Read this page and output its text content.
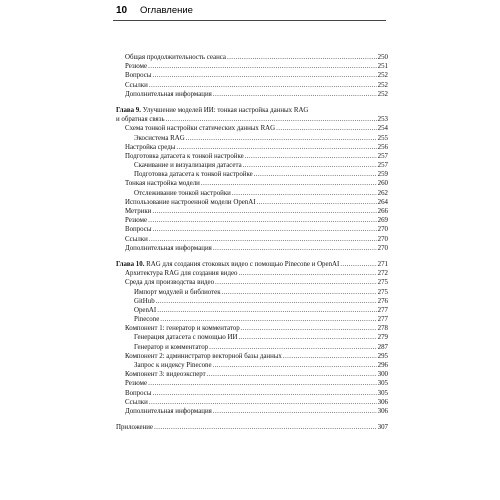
10 Оглавление
Общая продолжительность сеанса .....	250
Резюме .....	251
Вопросы .....	252
Ссылки .....	252
Дополнительная информация .....	252
Глава 9. Улучшение моделей ИИ: тонкая настройка данных RAG
и обратная связь .....	253
Схема тонкой настройки статических данных RAG .....	254
Экосистема RAG .....	255
Настройка среды .....	256
Подготовка датасета к тонкой настройке .....	257
Скачивание и визуализация датасета .....	257
Подготовка датасета к тонкой настройке .....	259
Тонкая настройка модели .....	260
Отслеживание тонкой настройки .....	262
Использование настроенной модели OpenAI .....	264
Метрики .....	266
Резюме .....	269
Вопросы .....	270
Ссылки .....	270
Дополнительная информация .....	270
Глава 10. RAG для создания стоковых видео с помощью Pinecone и OpenAI .....	271
Архитектура RAG для создания видео .....	272
Среда для производства видео .....	275
Импорт модулей и библиотек .....	275
GitHub .....	276
OpenAI .....	277
Pinecone .....	277
Компонент 1: генератор и комментатор .....	278
Генерация датасета с помощью ИИ .....	279
Генератор и комментатор .....	287
Компонент 2: администратор векторной базы данных .....	295
Запрос к индексу Pinecone .....	296
Компонент 3: видеоэксперт .....	300
Резюме .....	305
Вопросы .....	305
Ссылки .....	306
Дополнительная информация .....	306
Приложение .....	307
